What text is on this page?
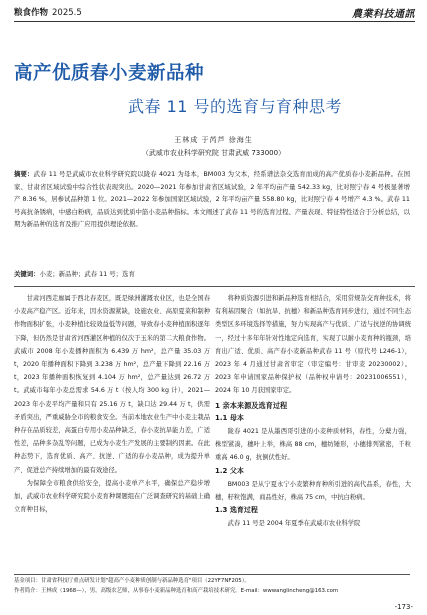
粮食作物 2025.5	農業科技通訊
高产优质春小麦新品种
武春 11 号的选育与育种思考
王林成 于芮芦 徐海生
（武威市农业科学研究院 甘肃武威 733000）
摘要：武春 11 号是武威市农业科学研究院以陇春 4021 为母本，BM003 为父本，经系谱法杂交选育而成的高产优质春小麦新品种。在国家、甘肃省区域试验中综合性状表现突出。2020—2021 年参加甘肃省区域试验，2 年平均亩产量 542.33 kg，比对照宁春 4 号极显著增产 8.36 %，居参试品种第 1 位。2021—2022 年参加国家区域试验，2 年平均亩产量 558.80 kg，比对照宁春 4 号增产 4.3 %。武春 11 号高抗条锈病，中感白粉病，品质达到优质中筋小麦品种指标。本文阐述了武春 11 号的选育过程、产量表现、特征特性适合于分析总结，以期为新品种的选育及推广应用提供理论依据。
关键词：小麦；新品种；武春 11 号；选育

甘肃河西走廊属于西北春麦区，既是绿洲灌溉农业区，也是全国春小麦高产稳产区。近年来，因水资源紧缺，设施农业、高原夏菜和制种作物面积扩张，小麦种植比较效益低等问题，导致春小麦种植面积逐年下降，但仍然是甘肃省河西灌区种植的仅次于玉米的第二大粮食作物。武威市 2008 年小麦播种面积为 6.439 万 hm²，总产量 35.03 万 t，2020 年播种面积下降到 3.238 万 hm²，总产量下降到 22.16 万 t，2023 年播种面积恢复到 4.104 万 hm²，总产量达到 26.72 万 t。武威市每年小麦总需求 54.6 万 t（按人均 300 kg 计），2021—2023 年小麦平均产量和只有 25.16 万 t，缺口达 29.44 万 t，供需矛盾突出，严重威胁全市的粮食安全。当前本地农业生产中小麦主栽品种存在品质较差，高蛋白专用小麦品种缺乏，春小麦抗旱能力差，广适性差，品种多杂乱等问题，已成为小麦生产发展的主要制约因素。在此种态势下，选育优质、高产、抗逆、广适的春小麦品种，成为提升单产、促进总产持续增加的最有效途径。

为保障全市粮食供给安全，提高小麦单产水平，确保总产稳步增加，武威市农业科学研究院小麦育种课题组在广泛调查研究的基础上确立育种目标，

将种质资源引进和新品种选育相结合，采用常规杂交育种技术，将有利基因聚合（如抗旱、抗穗）和新品种选育同步进行，通过不同生态类型区多环境选择等措施，努力实现高产与优质、广适与抗逆的协调统一，经过十多年年针对性地定向选育，实现了以耐小麦育种的瓶颈，培育出广适、优质、高产春小麦新品种武春 11 号（原代号 L246-1），2023 年 4 月通过甘肃省审定（审定编号：甘审麦 20230002）。2023 年申请国家品种保护权（品种权申请号：20231006551），2024 年 10 月获国家审定。

1 亲本来源及选育过程
1.1 母本

陇春 4021 是从墨西哥引进的小麦种质材料，春性，分蘖力强，株型紧凑，穗叶上举，株高 88 cm，穗纺锤形，小穗排列紧密，千粒重高 46.0 g，抗倒伏性好。

1.2 父本

BM003 是从宁夏永宁小麦繁种育种所引进的高代品系，春性，大穗，籽粒饱满，商品性好，株高 75 cm，中抗白粉病。

1.3 选育过程

武春 11 号是 2004 年夏季在武威市农业科学院

基金项目：甘肃省科技厅重点研发计划"超高产小麦种质创制与新品种选育"项目（22YF7NF205）。
作者简介：王林成（1968—），男，高级农艺师，从事春小麦新品种选育和高产栽培技术研究。E-mail：wwwanglincheng@163.com
-173-
